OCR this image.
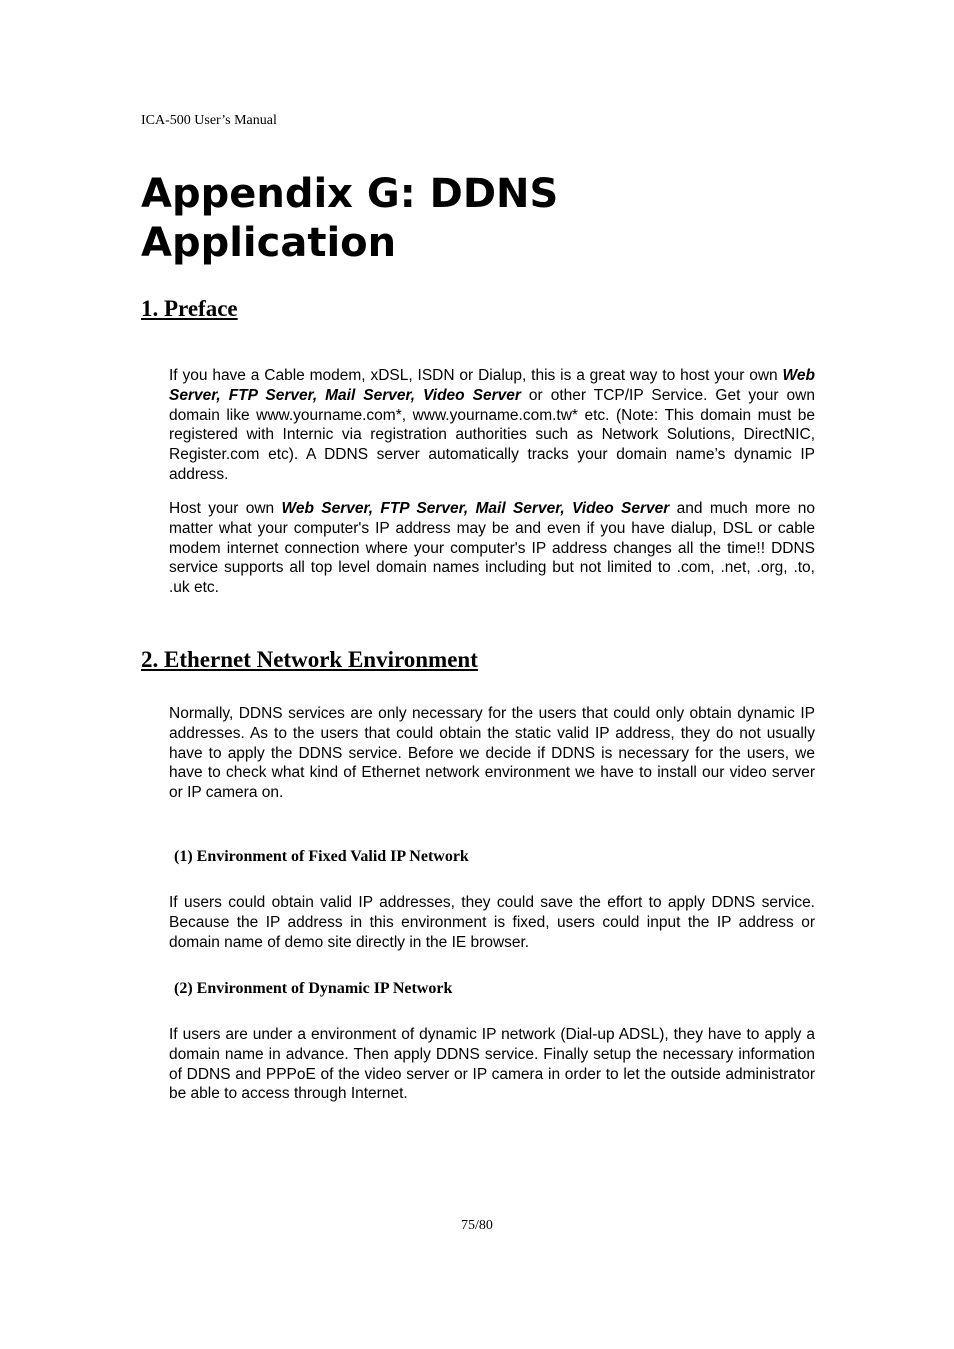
ICA-500 User’s Manual
Appendix G: DDNS
Application
1. Preface

If you have a Cable modem, xDSL, ISDN or Dialup, this is a great way to host your own Web Server, FTP Server, Mail Server, Video Server or other TCP/IP Service. Get your own domain like www.yourname.com*, www.yourname.com.tw* etc. (Note: This domain must be registered with Internic via registration authorities such as Network Solutions, DirectNIC, Register.com etc). A DDNS server automatically tracks your domain name’s dynamic IP address.

Host your own Web Server, FTP Server, Mail Server, Video Server and much more no matter what your computer's IP address may be and even if you have dialup, DSL or cable modem internet connection where your computer's IP address changes all the time!! DDNS service supports all top level domain names including but not limited to .com, .net, .org, .to, .uk etc.

2. Ethernet Network Environment

Normally, DDNS services are only necessary for the users that could only obtain dynamic IP addresses. As to the users that could obtain the static valid IP address, they do not usually have to apply the DDNS service. Before we decide if DDNS is necessary for the users, we have to check what kind of Ethernet network environment we have to install our video server or IP camera on.

(1) Environment of Fixed Valid IP Network

If users could obtain valid IP addresses, they could save the effort to apply DDNS service. Because the IP address in this environment is fixed, users could input the IP address or domain name of demo site directly in the IE browser.

(2) Environment of Dynamic IP Network

If users are under a environment of dynamic IP network (Dial-up ADSL), they have to apply a domain name in advance. Then apply DDNS service. Finally setup the necessary information of DDNS and PPPoE of the video server or IP camera in order to let the outside administrator be able to access through Internet.

75/80
